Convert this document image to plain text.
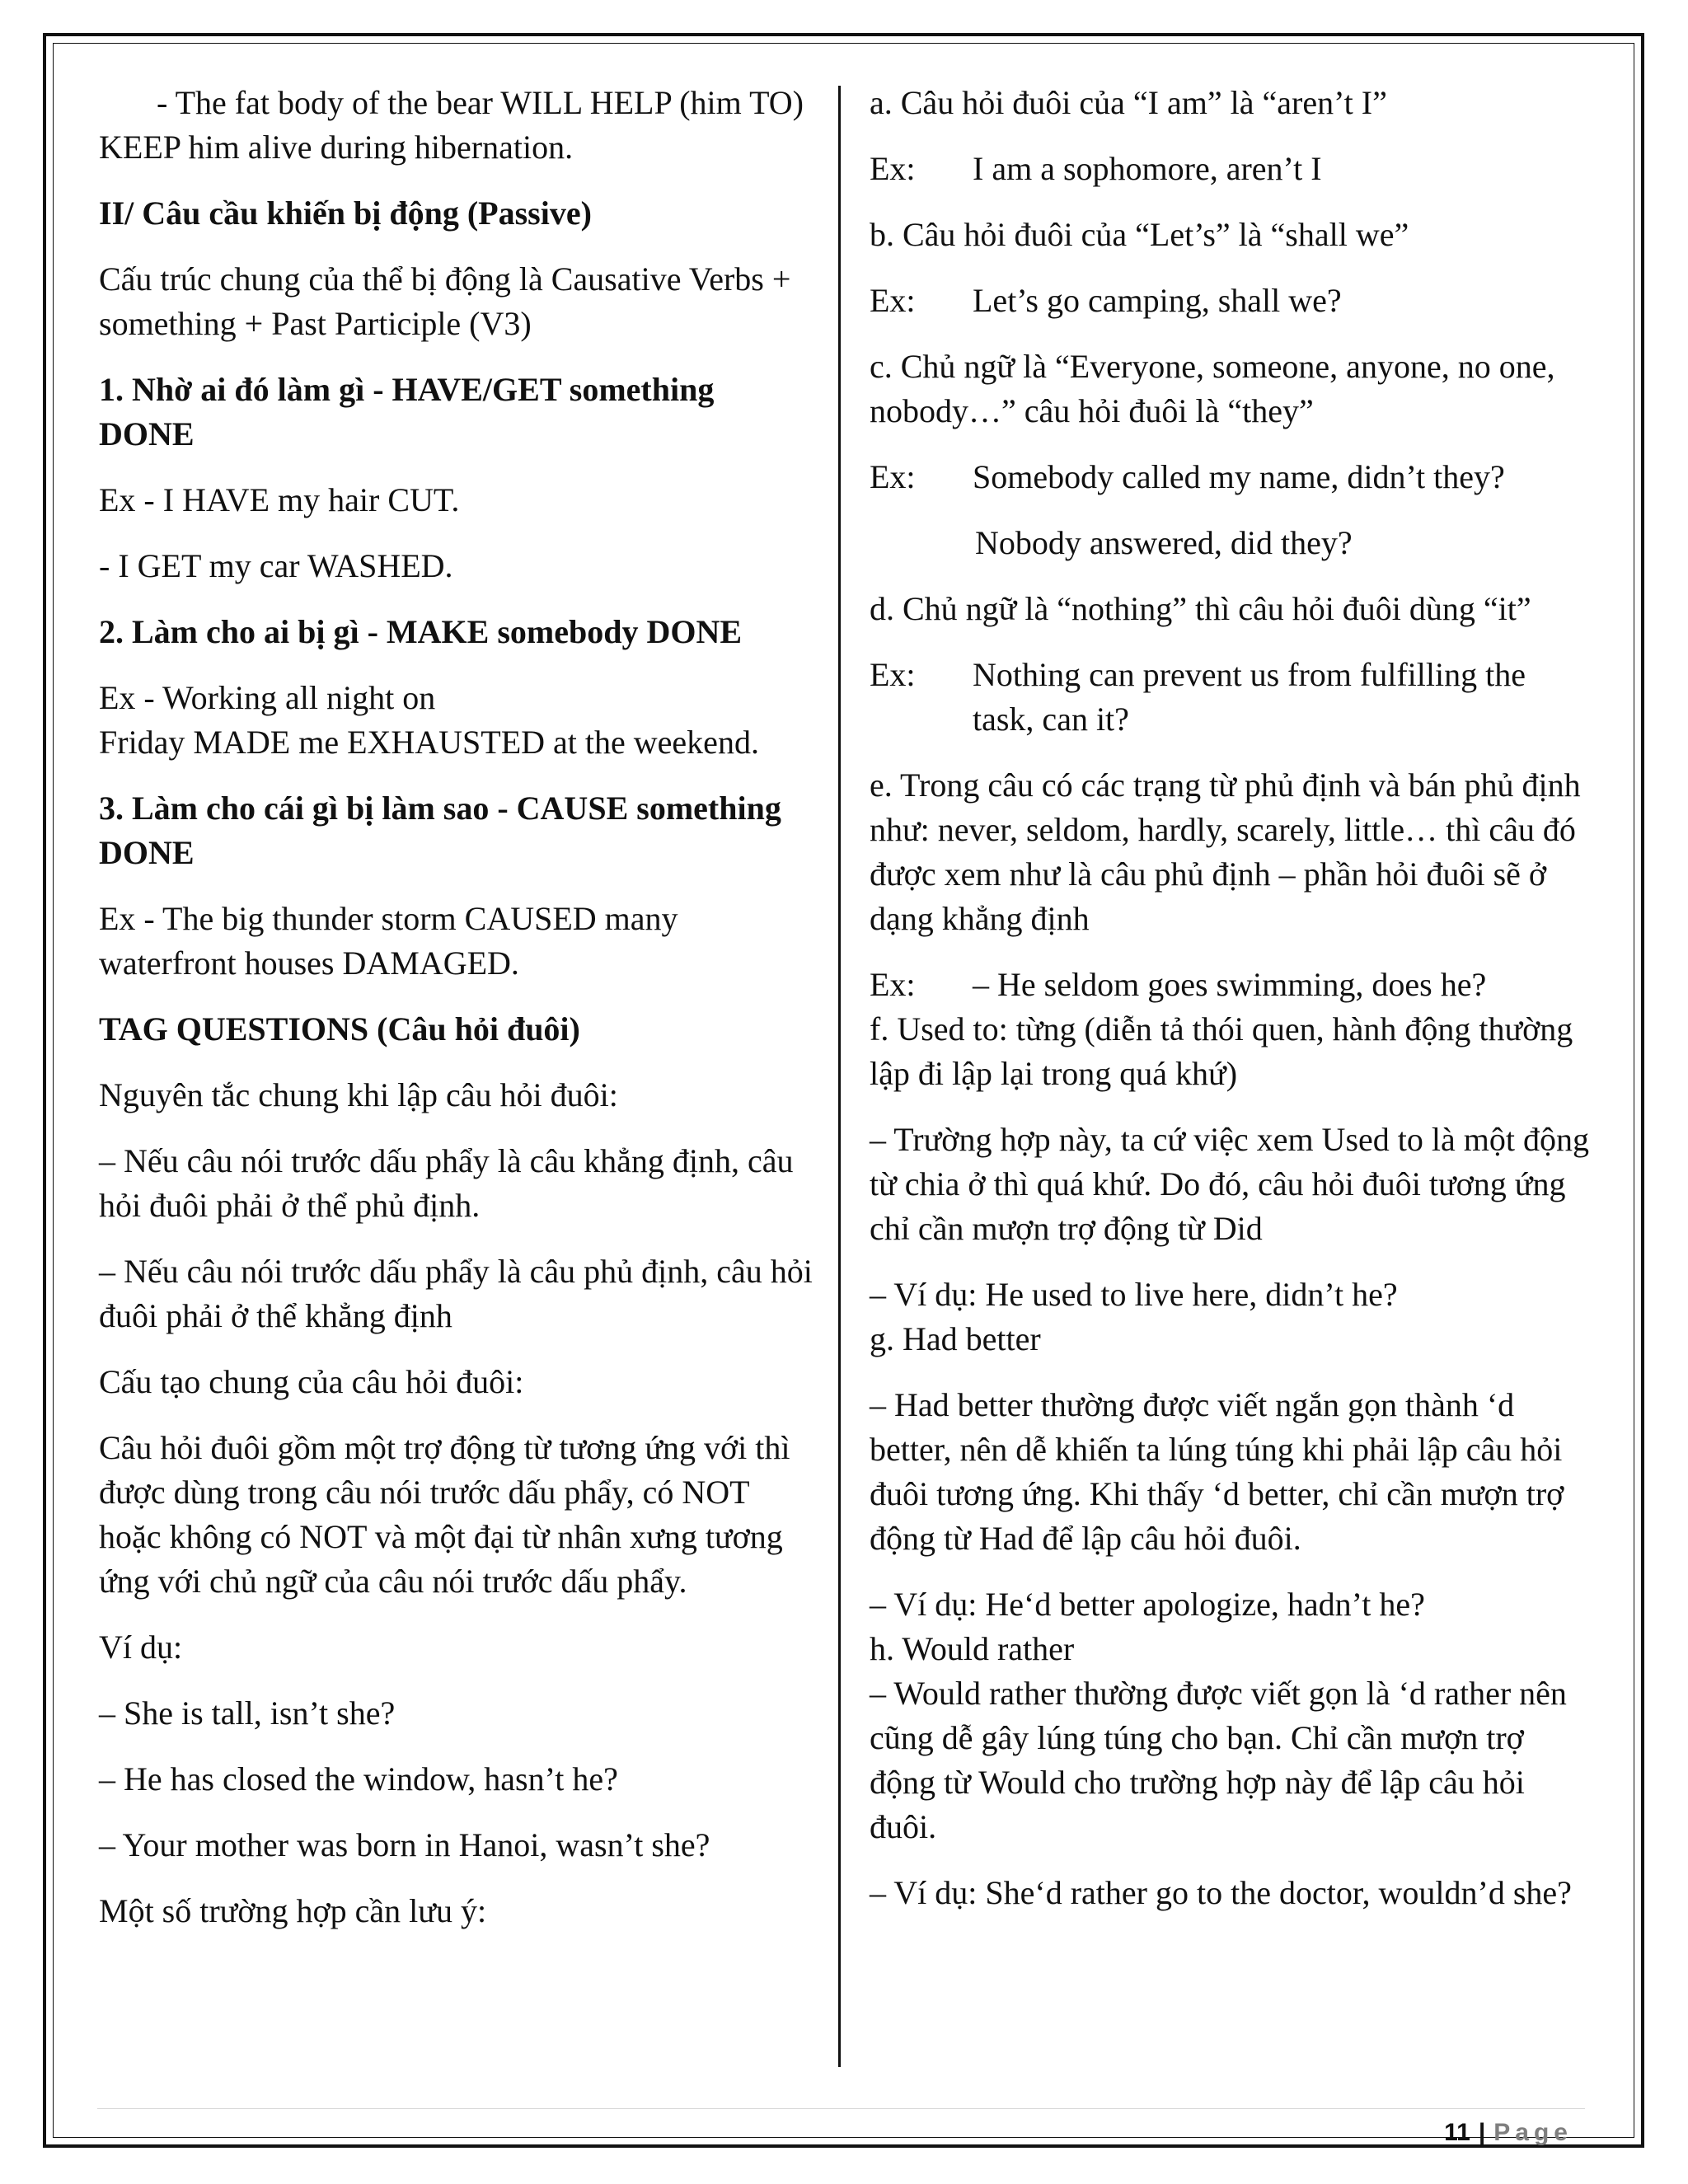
- The fat body of the bear WILL HELP (him TO) KEEP him alive during hibernation.

II/ Câu cầu khiến bị động (Passive)

Cấu trúc chung của thể bị động là Causative Verbs + something + Past Participle (V3)

1. Nhờ ai đó làm gì - HAVE/GET something DONE

Ex - I HAVE my hair CUT.

- I GET my car WASHED.

2. Làm cho ai bị gì - MAKE somebody DONE

Ex - Working all night on

Friday MADE me EXHAUSTED at the weekend.

3. Làm cho cái gì bị làm sao - CAUSE something DONE

Ex - The big thunder storm CAUSED many waterfront houses DAMAGED.

TAG QUESTIONS (Câu hỏi đuôi)

Nguyên tắc chung khi lập câu hỏi đuôi:

– Nếu câu nói trước dấu phẩy là câu khẳng định, câu hỏi đuôi phải ở thể phủ định.

– Nếu câu nói trước dấu phẩy là câu phủ định, câu hỏi đuôi phải ở thể khẳng định

Cấu tạo chung của câu hỏi đuôi:

Câu hỏi đuôi gồm một trợ động từ tương ứng với thì được dùng trong câu nói trước dấu phẩy, có NOT hoặc không có NOT và một đại từ nhân xưng tương ứng với chủ ngữ của câu nói trước dấu phẩy.

Ví dụ:

– She is tall, isn’t she?

– He has closed the window, hasn’t he?

– Your mother was born in Hanoi, wasn’t she?

Một số trường hợp cần lưu ý:

a. Câu hỏi đuôi của “I am” là “aren’t I”

Ex:	I am a sophomore, aren’t I

b. Câu hỏi đuôi của “Let’s” là “shall we”

Ex:	Let’s go camping, shall we?

c. Chủ ngữ là “Everyone, someone, anyone, no one, nobody…” câu hỏi đuôi là “they”

Ex:	Somebody called my name, didn’t they?

Nobody answered, did they?

d. Chủ ngữ là “nothing” thì câu hỏi đuôi dùng “it”

Ex:	Nothing can prevent us from fulfilling the task, can it?

e. Trong câu có các trạng từ phủ định và bán phủ định như: never, seldom, hardly, scarely, little… thì câu đó được xem như là câu phủ định – phần hỏi đuôi sẽ ở dạng khẳng định

Ex:	– He seldom goes swimming, does he?

f. Used to: từng (diễn tả thói quen, hành động thường lập đi lập lại trong quá khứ)

– Trường hợp này, ta cứ việc xem Used to là một động từ chia ở thì quá khứ. Do đó, câu hỏi đuôi tương ứng chỉ cần mượn trợ động từ Did

– Ví dụ: He used to live here, didn’t he?

g. Had better

– Had better thường được viết ngắn gọn thành ‘d better, nên dễ khiến ta lúng túng khi phải lập câu hỏi đuôi tương ứng. Khi thấy ‘d better, chỉ cần mượn trợ động từ Had để lập câu hỏi đuôi.

– Ví dụ: He‘d better apologize, hadn’t he?

h. Would rather

– Would rather thường được viết gọn là ‘d rather nên cũng dễ gây lúng túng cho bạn. Chỉ cần mượn trợ động từ Would cho trường hợp này để lập câu hỏi đuôi.

– Ví dụ: She‘d rather go to the doctor, wouldn’d she?

11 | Page
